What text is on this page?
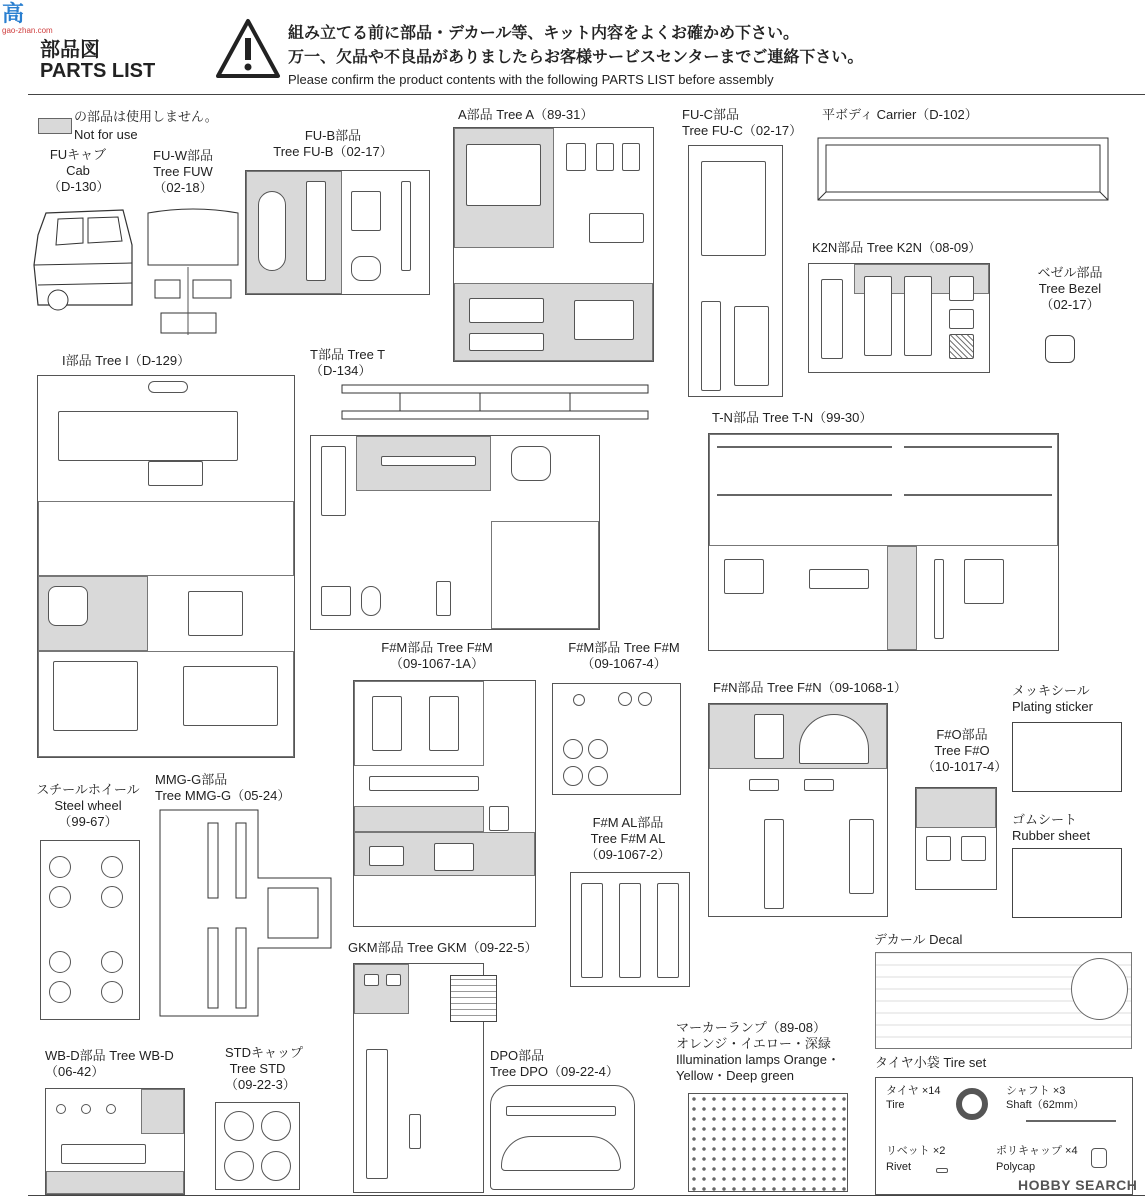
高
gao-zhan.com
部品図
PARTS LIST
組み立てる前に部品・デカール等、キット内容をよくお確かめ下さい。
万一、欠品や不良品がありましたらお客様サービスセンターまでご連絡下さい。
Please confirm the product contents with the following PARTS LIST before assembly
の部品は使用しません。
Not for use
FUキャブ
Cab
（D-130）
FU-W部品
Tree FUW
（02-18）
FU-B部品
Tree FU-B（02-17）
A部品 Tree A（89-31）	FU-C部品
Tree FU-C（02-17）
平ボディ Carrier（D-102）
K2N部品 Tree K2N（08-09）
ベゼル部品
Tree Bezel
（02-17）
I部品 Tree I（D-129）	T部品 Tree T
（D-134）
T-N部品 Tree T-N（99-30）
F#M部品 Tree F#M
（09-1067-1A）
F#M部品 Tree F#M
（09-1067-4）
F#N部品 Tree F#N（09-1068-1）	メッキシール
Plating sticker
F#O部品
Tree F#O
（10-1017-4）
ゴムシート
Rubber sheet
スチールホイール
Steel wheel
（99-67）
MMG-G部品
Tree MMG-G（05-24）
F#M AL部品
Tree F#M AL
（09-1067-2）
デカール Decal
GKM部品 Tree GKM（09-22-5）
マーカーランプ（89-08）
オレンジ・イエロー・深緑
Illumination lamps Orange・
Yellow・Deep green
タイヤ小袋 Tire set
タイヤ ×14
Tire
シャフト ×3
Shaft（62mm）
リベット ×2
Rivet
ポリキャップ ×4
Polycap
WB-D部品 Tree WB-D
（06-42）
STDキャップ
Tree STD
（09-22-3）
DPO部品
Tree DPO（09-22-4）
HOBBY SEARCH
